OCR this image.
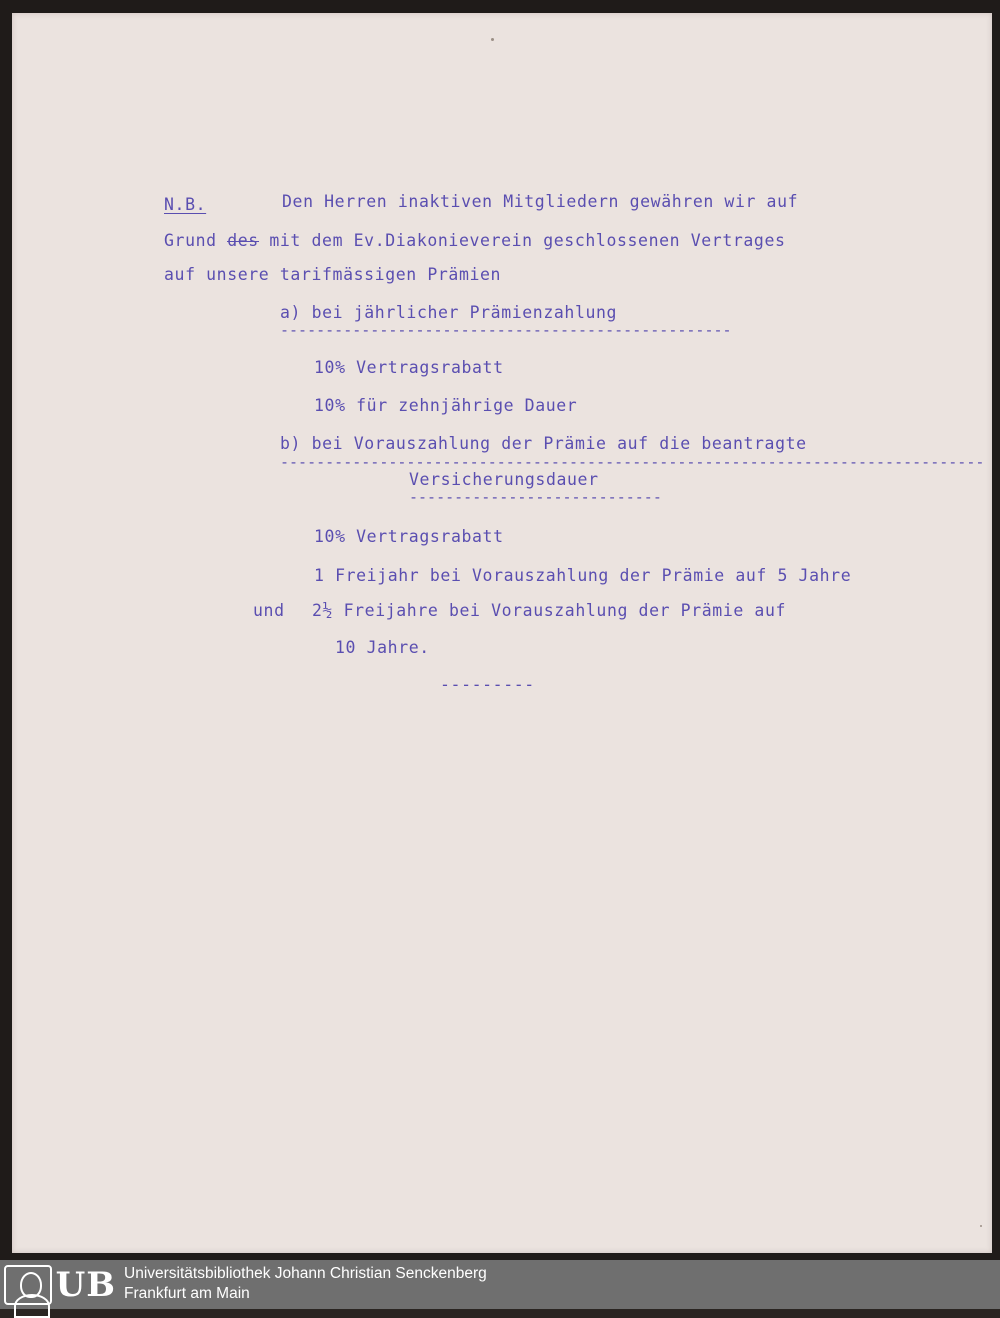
N.B.	Den Herren inaktiven Mitgliedern gewähren wir auf
Grund des mit dem Ev.Diakonieverein geschlossenen Vertrages
auf unsere tarifmässigen Prämien
a) bei jährlicher Prämienzahlung
--------------------------------------------------
10% Vertragsrabatt
10% für zehnjährige Dauer
b) bei Vorauszahlung der Prämie auf die beantragte
------------------------------------------------------------------------------
Versicherungsdauer
----------------------------
10% Vertragsrabatt
1 Freijahr bei Vorauszahlung der Prämie auf 5 Jahre
und 2½ Freijahre bei Vorauszahlung der Prämie auf
10 Jahre.
---------
UB Universitätsbibliothek Johann Christian Senckenberg
Frankfurt am Main
